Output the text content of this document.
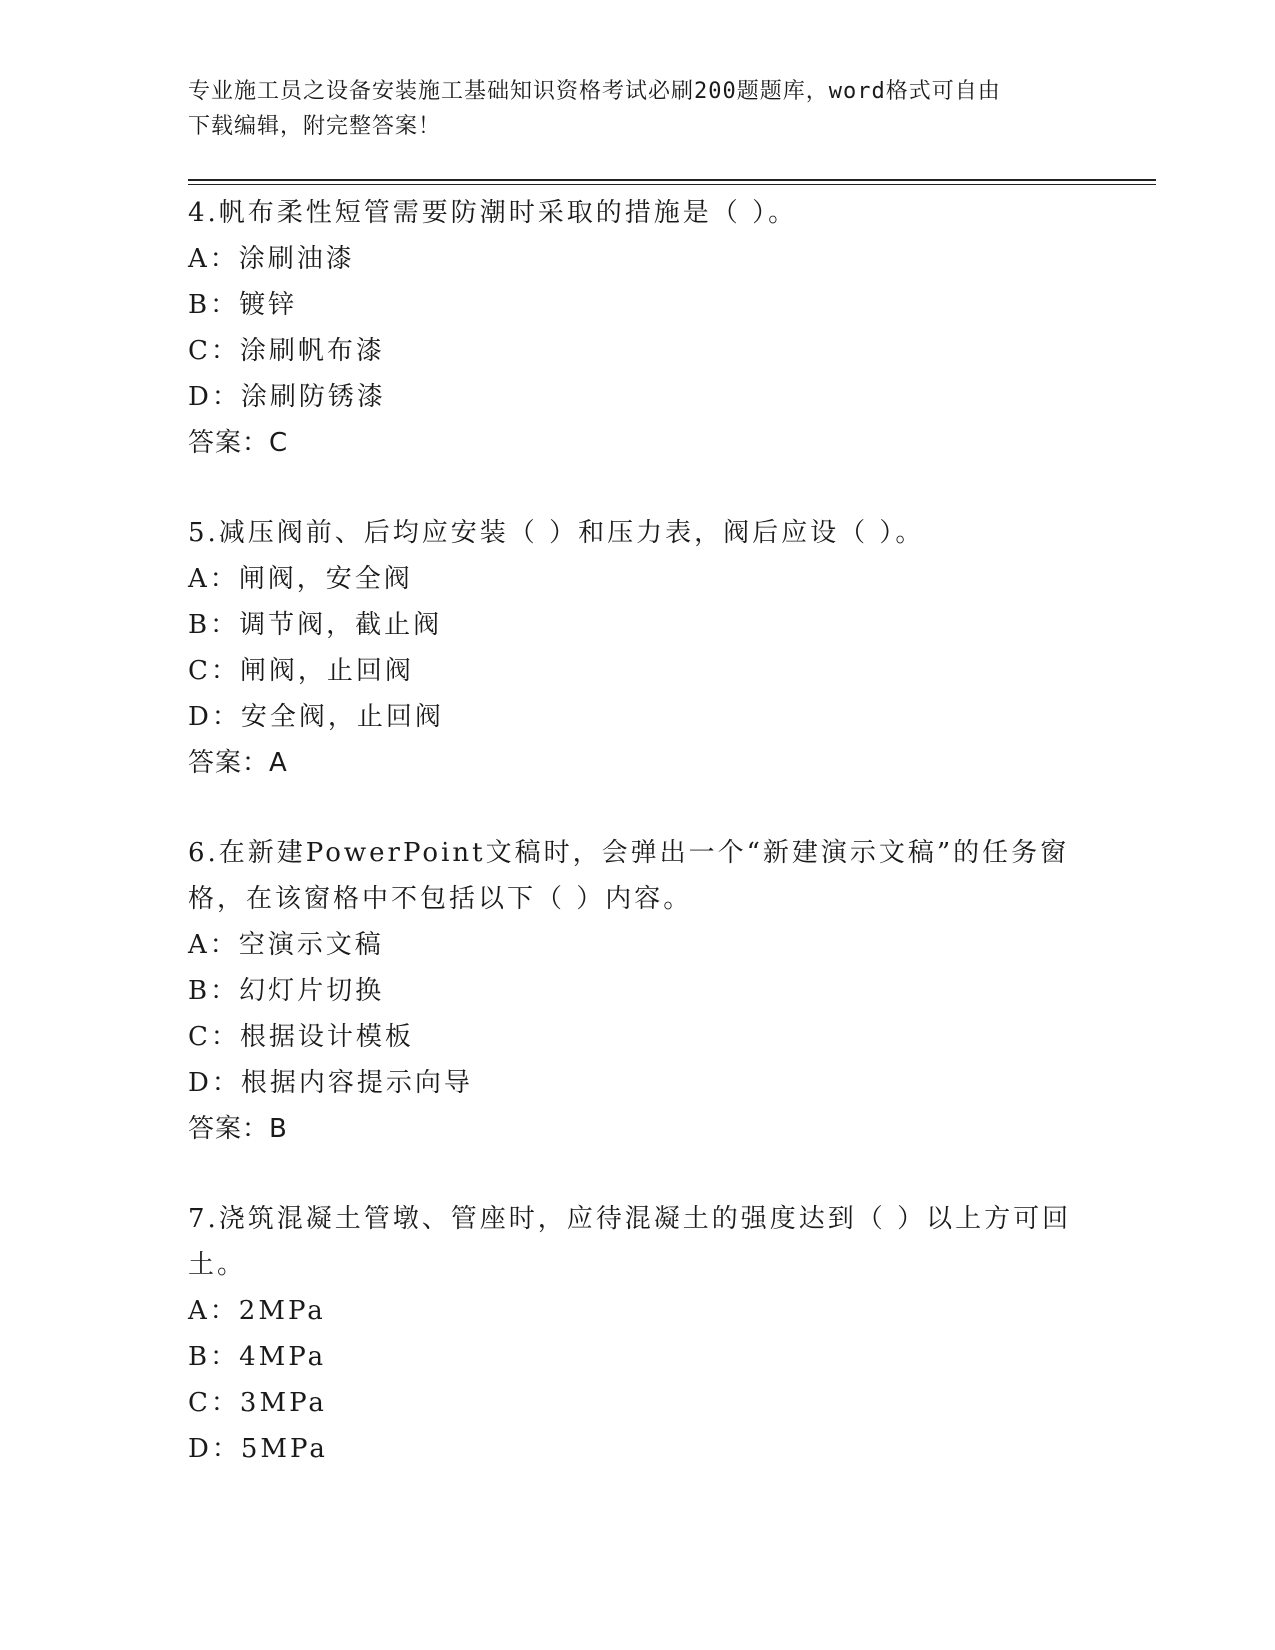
专业施工员之设备安装施工基础知识资格考试必刷200题题库，word格式可自由
下载编辑，附完整答案！

4.帆布柔性短管需要防潮时采取的措施是（ ）。

A：涂刷油漆

B：镀锌

C：涂刷帆布漆

D：涂刷防锈漆

答案：C

5.减压阀前、后均应安装（ ）和压力表，阀后应设（ ）。

A：闸阀，安全阀

B：调节阀，截止阀

C：闸阀，止回阀

D：安全阀，止回阀

答案：A

6.在新建PowerPoint文稿时，会弹出一个“新建演示文稿”的任务窗

格，在该窗格中不包括以下（ ）内容。

A：空演示文稿

B：幻灯片切换

C：根据设计模板

D：根据内容提示向导

答案：B

7.浇筑混凝土管墩、管座时，应待混凝土的强度达到（ ）以上方可回

土。

A：2MPa

B：4MPa

C：3MPa

D：5MPa
